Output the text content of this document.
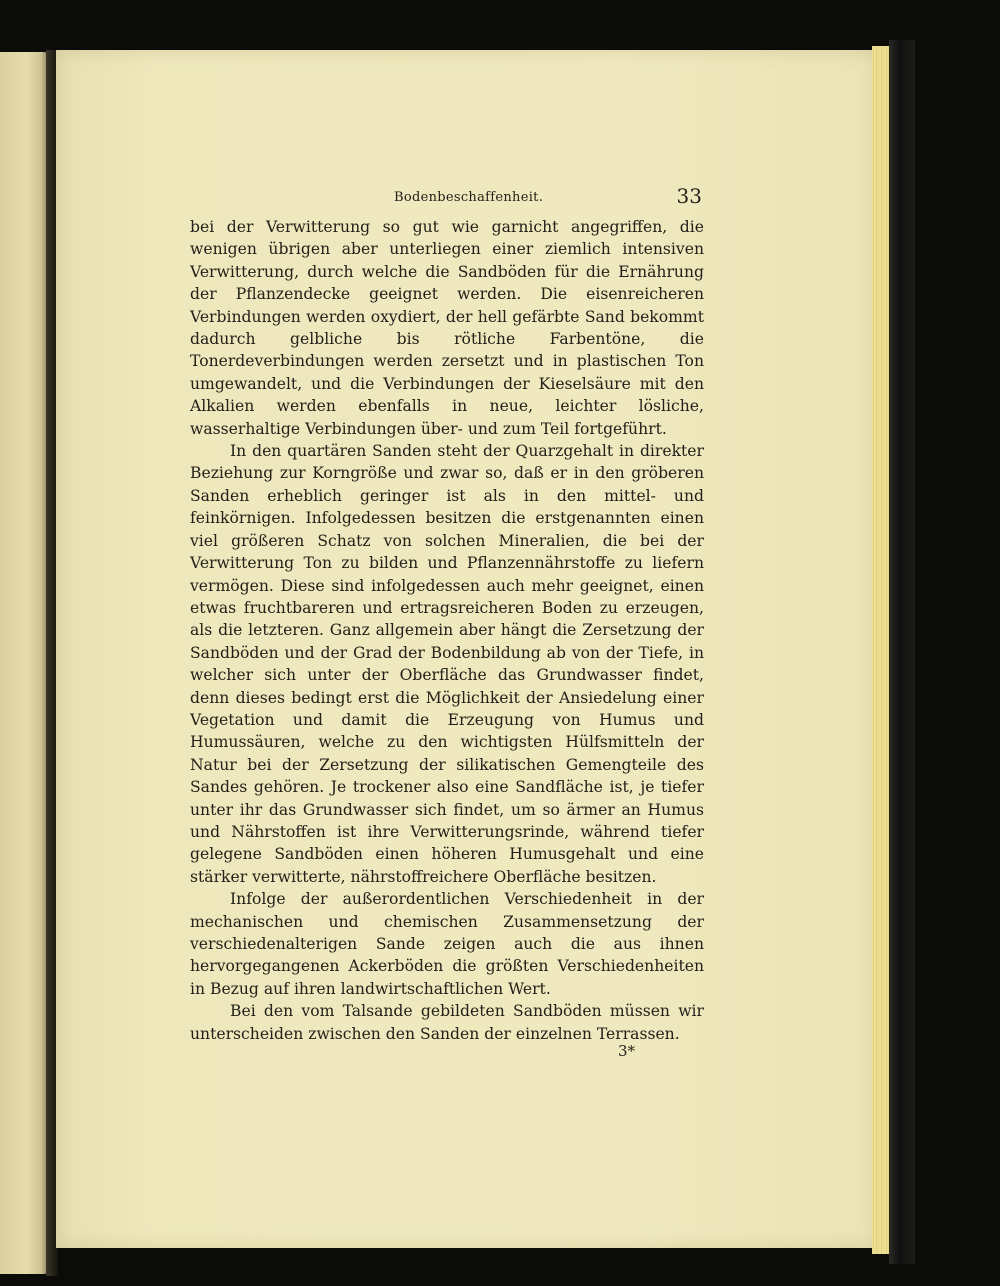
Bodenbeschaffenheit.	33

bei der Verwitterung so gut wie garnicht angegriffen, die wenigen übrigen aber unterliegen einer ziemlich intensiven Verwitterung, durch welche die Sandböden für die Ernährung der Pflanzendecke geeignet werden. Die eisenreicheren Verbindungen werden oxydiert, der hell gefärbte Sand bekommt dadurch gelbliche bis rötliche Farbentöne, die Tonerdeverbindungen werden zersetzt und in plastischen Ton umgewandelt, und die Verbindungen der Kieselsäure mit den Alkalien werden ebenfalls in neue, leichter lösliche, wasserhaltige Verbindungen über- und zum Teil fortgeführt.

In den quartären Sanden steht der Quarzgehalt in direkter Beziehung zur Korngröße und zwar so, daß er in den gröberen Sanden erheblich geringer ist als in den mittel- und feinkörnigen. Infolgedessen besitzen die erstgenannten einen viel größeren Schatz von solchen Mineralien, die bei der Verwitterung Ton zu bilden und Pflanzennährstoffe zu liefern vermögen. Diese sind infolgedessen auch mehr geeignet, einen etwas fruchtbareren und ertragsreicheren Boden zu erzeugen, als die letzteren. Ganz allgemein aber hängt die Zersetzung der Sandböden und der Grad der Bodenbildung ab von der Tiefe, in welcher sich unter der Oberfläche das Grundwasser findet, denn dieses bedingt erst die Möglichkeit der Ansiedelung einer Vegetation und damit die Erzeugung von Humus und Humussäuren, welche zu den wichtigsten Hülfsmitteln der Natur bei der Zersetzung der silikatischen Gemengteile des Sandes gehören. Je trockener also eine Sandfläche ist, je tiefer unter ihr das Grundwasser sich findet, um so ärmer an Humus und Nährstoffen ist ihre Verwitterungsrinde, während tiefer gelegene Sandböden einen höheren Humusgehalt und eine stärker verwitterte, nährstoffreichere Oberfläche besitzen.

Infolge der außerordentlichen Verschiedenheit in der mechanischen und chemischen Zusammensetzung der verschiedenalterigen Sande zeigen auch die aus ihnen hervorgegangenen Ackerböden die größten Verschiedenheiten in Bezug auf ihren landwirtschaftlichen Wert.

Bei den vom Talsande gebildeten Sandböden müssen wir unterscheiden zwischen den Sanden der einzelnen Terrassen.

3*
